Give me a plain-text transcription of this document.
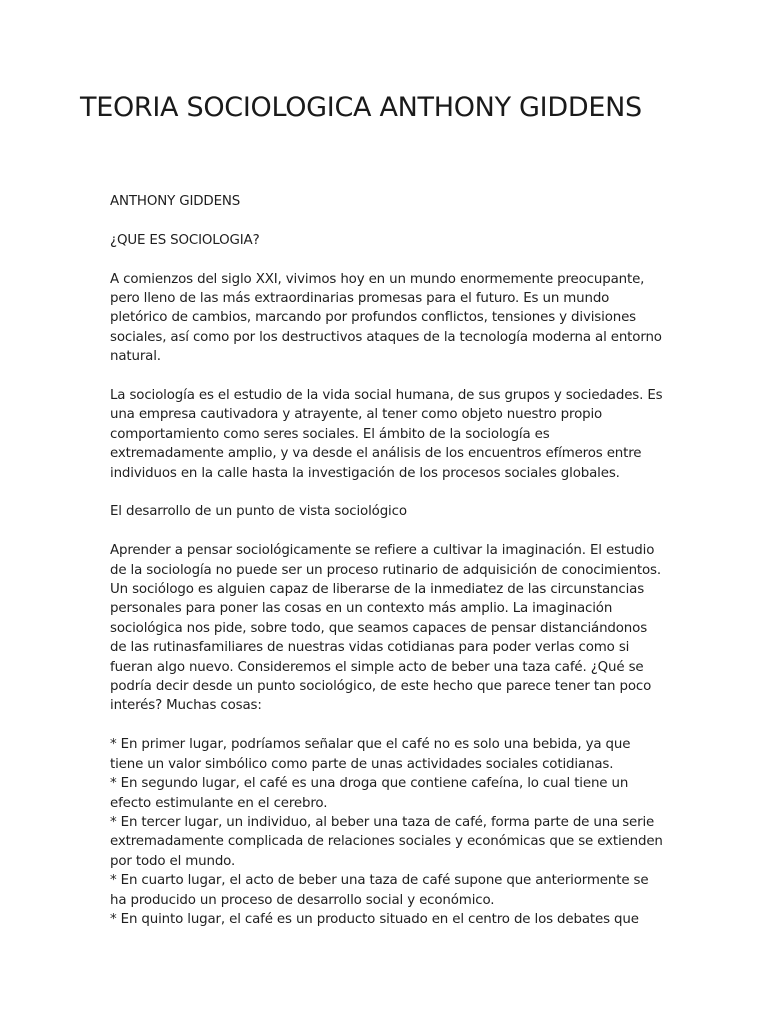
TEORIA SOCIOLOGICA ANTHONY GIDDENS

ANTHONY GIDDENS

¿QUE ES SOCIOLOGIA?

A comienzos del siglo XXI, vivimos hoy en un mundo enormemente preocupante, pero lleno de las más extraordinarias promesas para el futuro. Es un mundo pletórico de cambios, marcando por profundos conflictos, tensiones y divisiones sociales, así como por los destructivos ataques de la tecnología moderna al entorno natural.

La sociología es el estudio de la vida social humana, de sus grupos y sociedades. Es una empresa cautivadora y atrayente, al tener como objeto nuestro propio comportamiento como seres sociales. El ámbito de la sociología es extremadamente amplio, y va desde el análisis de los encuentros efímeros entre individuos en la calle hasta la investigación de los procesos sociales globales.

El desarrollo de un punto de vista sociológico

Aprender a pensar sociológicamente se refiere a cultivar la imaginación. El estudio de la sociología no puede ser un proceso rutinario de adquisición de conocimientos. Un sociólogo es alguien capaz de liberarse de la inmediatez de las circunstancias personales para poner las cosas en un contexto más amplio. La imaginación sociológica nos pide, sobre todo, que seamos capaces de pensar distanciándonos de las rutinasfamiliares de nuestras vidas cotidianas para poder verlas como si fueran algo nuevo. Consideremos el simple acto de beber una taza café. ¿Qué se podría decir desde un punto sociológico, de este hecho que parece tener tan poco interés? Muchas cosas:

* En primer lugar, podríamos señalar que el café no es solo una bebida, ya que tiene un valor simbólico como parte de unas actividades sociales cotidianas.

* En segundo lugar, el café es una droga que contiene cafeína, lo cual tiene un efecto estimulante en el cerebro.

* En tercer lugar, un individuo, al beber una taza de café, forma parte de una serie extremadamente complicada de relaciones sociales y económicas que se extienden por todo el mundo.

* En cuarto lugar, el acto de beber una taza de café supone que anteriormente se ha producido un proceso de desarrollo social y económico.

* En quinto lugar, el café es un producto situado en el centro de los debates que
